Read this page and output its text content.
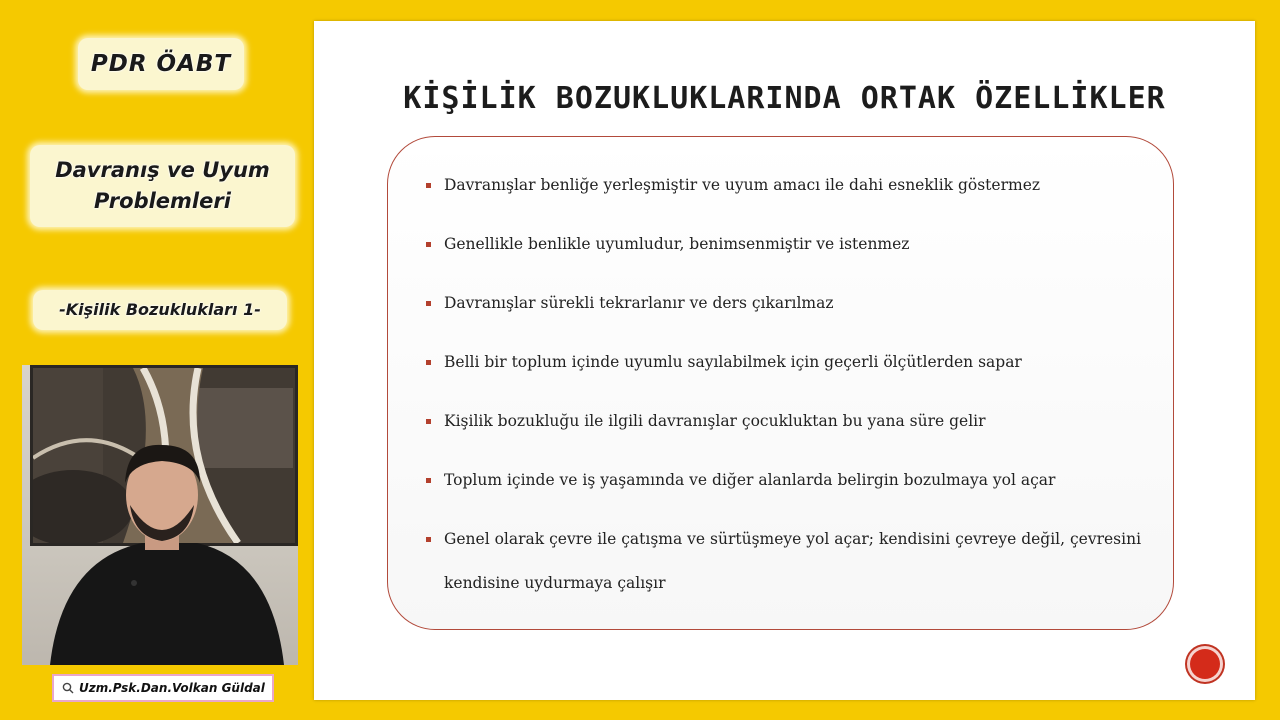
PDR ÖABT
Davranış ve Uyum
Problemleri
-Kişilik Bozuklukları 1-
Uzm.Psk.Dan.Volkan Güldal
KİŞİLİK BOZUKLUKLARINDA ORTAK ÖZELLİKLER
Davranışlar benliğe yerleşmiştir ve uyum amacı ile dahi esneklik göstermez
Genellikle benlikle uyumludur, benimsenmiştir ve istenmez
Davranışlar sürekli tekrarlanır ve ders çıkarılmaz
Belli bir toplum içinde uyumlu sayılabilmek için geçerli ölçütlerden sapar
Kişilik bozukluğu ile ilgili davranışlar çocukluktan bu yana süre gelir
Toplum içinde ve iş yaşamında ve diğer alanlarda belirgin bozulmaya yol açar
Genel olarak çevre ile çatışma ve sürtüşmeye yol açar; kendisini çevreye değil, çevresini kendisine uydurmaya çalışır
